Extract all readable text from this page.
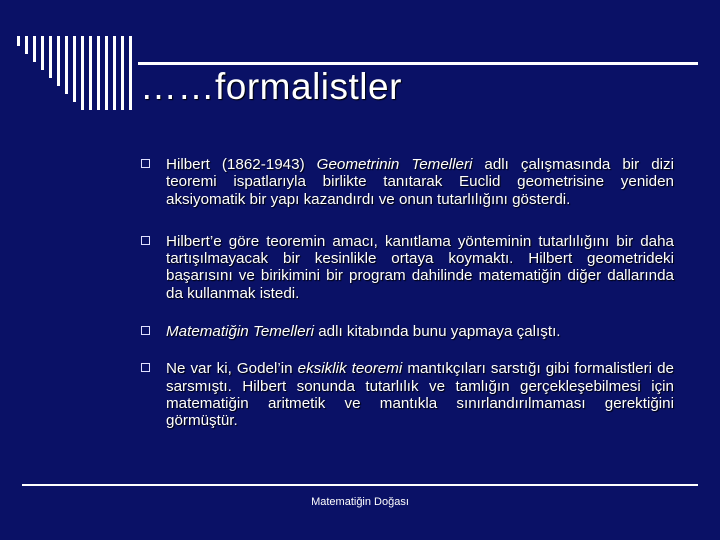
……formalistler
Hilbert (1862-1943) Geometrinin Temelleri adlı çalışmasında bir dizi teoremi ispatlarıyla birlikte tanıtarak Euclid geometrisine yeniden aksiyomatik bir yapı kazandırdı ve onun tutarlılığını gösterdi.
Hilbert’e göre teoremin amacı, kanıtlama yönteminin tutarlılığını bir daha tartışılmayacak bir kesinlikle ortaya koymaktı. Hilbert geometrideki başarısını ve birikimini bir program dahilinde matematiğin diğer dallarında da kullanmak istedi.
Matematiğin Temelleri adlı kitabında bunu yapmaya çalıştı.
Ne var ki, Godel’in eksiklik teoremi mantıkçıları sarstığı gibi formalistleri de sarsmıştı. Hilbert sonunda tutarlılık ve tamlığın gerçekleşebilmesi için matematiğin aritmetik ve mantıkla sınırlandırılmaması gerektiğini görmüştür.
Matematiğin Doğası
